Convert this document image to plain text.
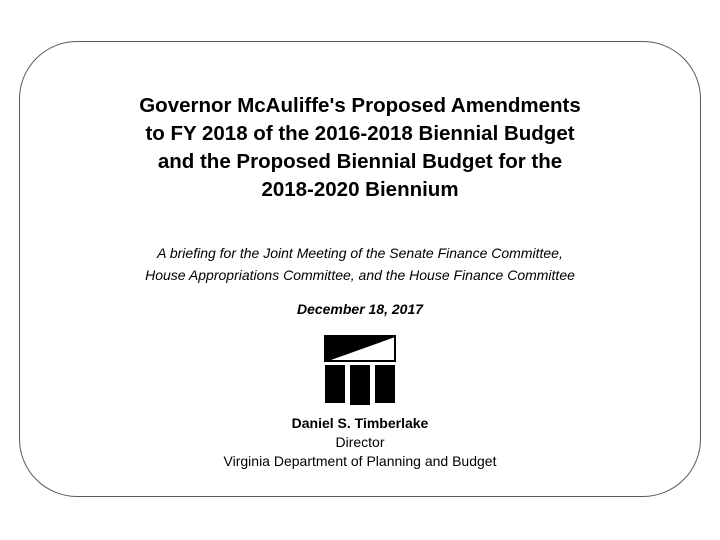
Governor McAuliffe's Proposed Amendments
to FY 2018 of the 2016-2018 Biennial Budget
and the Proposed Biennial Budget for the
2018-2020 Biennium
A briefing for the Joint Meeting of the Senate Finance Committee,
House Appropriations Committee, and the House Finance Committee
December 18, 2017
Daniel S. Timberlake
Director
Virginia Department of Planning and Budget
